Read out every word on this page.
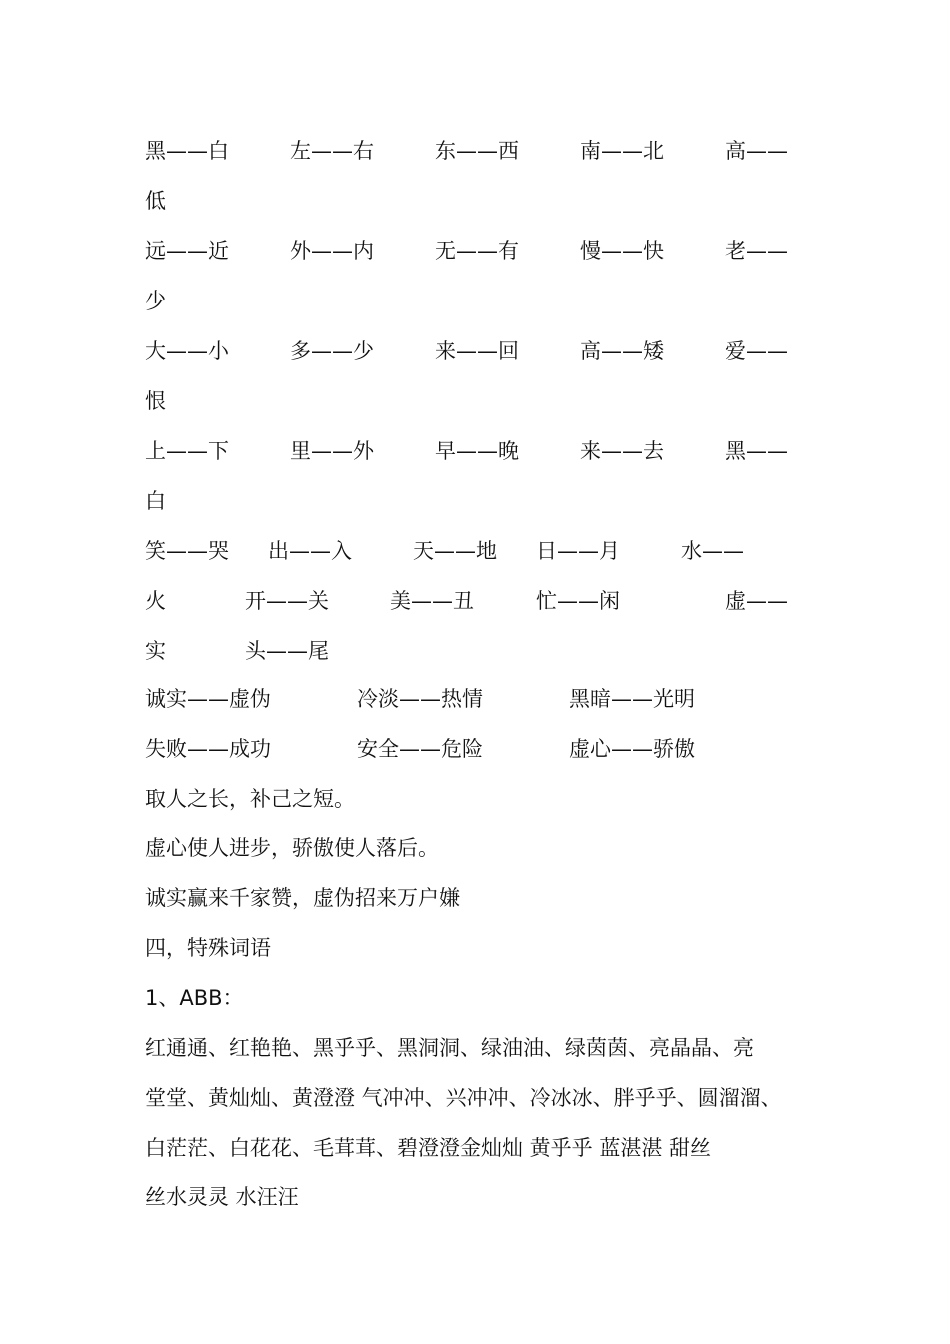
黑——白	左——右	东——西	南——北	高——
低
远——近	外——内	无——有	慢——快	老——
少
大——小	多——少	来——回	高——矮	爱——
恨
上——下	里——外	早——晚	来——去	黑——
白
笑——哭 出——入	天——地 日——月	水——
火	开——关	美——丑	忙——闲	虚——
实	头——尾
诚实——虚伪	冷淡——热情	黑暗——光明
失败——成功	安全——危险	虚心——骄傲
取人之长，补己之短。
虚心使人进步，骄傲使人落后。
诚实赢来千家赞，虚伪招来万户嫌
四，特殊词语
1、ABB：
红通通、红艳艳、黑乎乎、黑洞洞、绿油油、绿茵茵、亮晶晶、亮
堂堂、黄灿灿、黄澄澄 气冲冲、兴冲冲、冷冰冰、胖乎乎、圆溜溜、
白茫茫、白花花、毛茸茸、碧澄澄金灿灿 黄乎乎 蓝湛湛 甜丝
丝水灵灵 水汪汪
